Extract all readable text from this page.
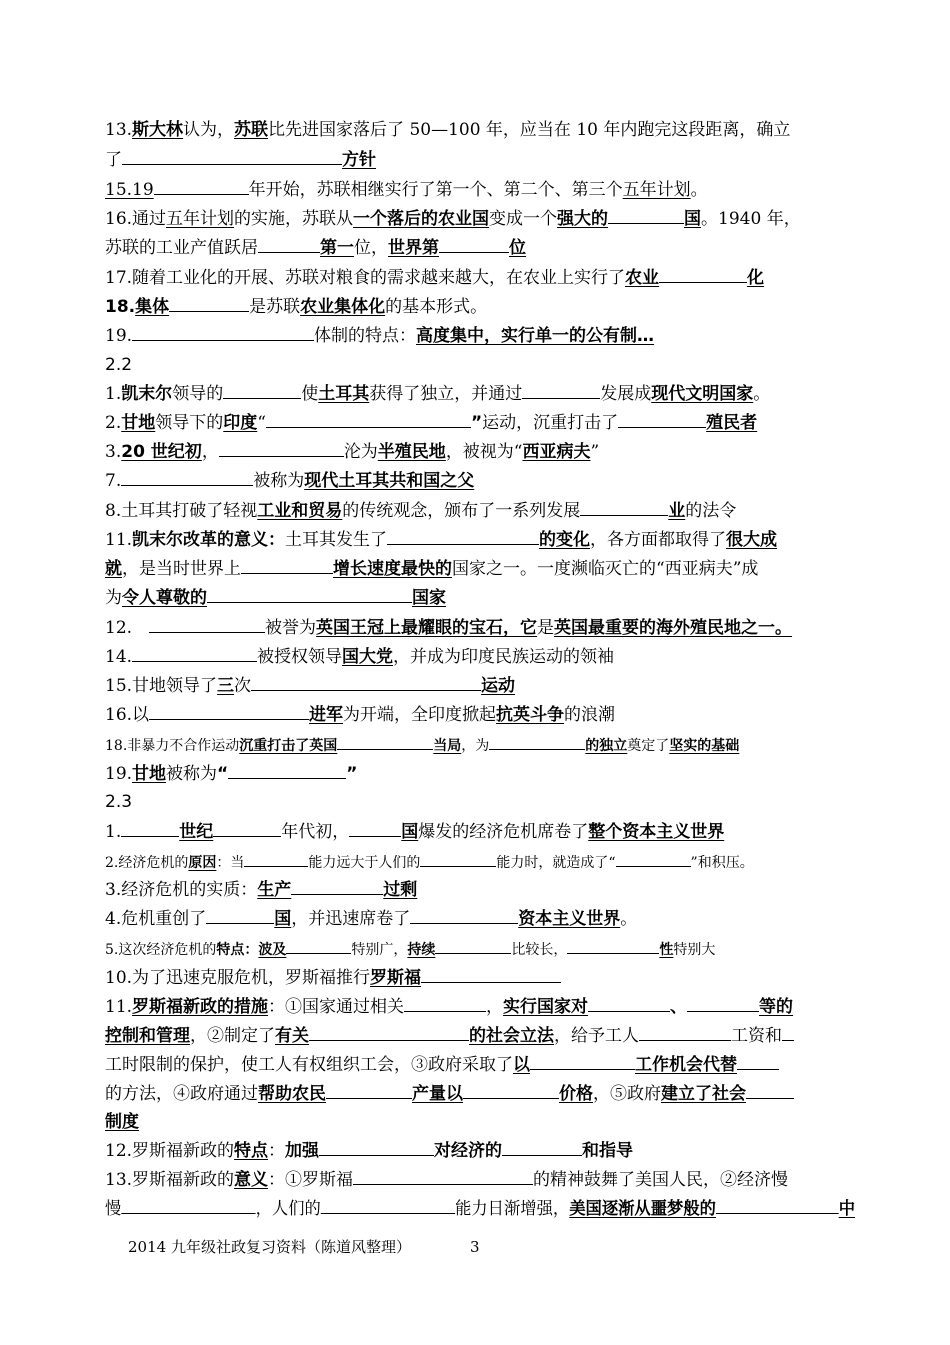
13.斯大林认为，苏联比先进国家落后了 50—100 年，应当在 10 年内跑完这段距离，确立
了	方针
15.19	年开始，苏联相继实行了第一个、第二个、第三个五年计划。
16.通过五年计划的实施，苏联从一个落后的农业国变成一个强大的	国。1940 年，
苏联的工业产值跃居	第一位，世界第	位
17.随着工业化的开展、苏联对粮食的需求越来越大，在农业上实行了农业	化
18.集体	是苏联农业集体化的基本形式。
19.	体制的特点：高度集中，实行单一的公有制…
2.2
1.凯末尔领导的	使土耳其获得了独立，并通过	发展成现代文明国家。
2.甘地领导下的印度“	”运动，沉重打击了	殖民者
3.20 世纪初，	沦为半殖民地，被视为“西亚病夫”
7.	被称为现代土耳其共和国之父
8.土耳其打破了轻视工业和贸易的传统观念，颁布了一系列发展	业的法令
11.凯末尔改革的意义：土耳其发生了	的变化，各方面都取得了很大成
就，是当时世界上	增长速度最快的国家之一。一度濒临灭亡的“西亚病夫”成
为令人尊敬的	国家
12.　	被誉为英国王冠上最耀眼的宝石，它是英国最重要的海外殖民地之一。
14.	被授权领导国大党，并成为印度民族运动的领袖
15.甘地领导了三次	运动
16.以	进军为开端，全印度掀起抗英斗争的浪潮
18.非暴力不合作运动沉重打击了英国	当局，为	的独立奠定了坚实的基础
19.甘地被称为“	”
2.3
1.	世纪	年代初，	国爆发的经济危机席卷了整个资本主义世界
2.经济危机的原因：当	能力远大于人们的	能力时，就造成了“	”和积压。
3.经济危机的实质：生产	过剩
4.危机重创了	国，并迅速席卷了	资本主义世界。
5.这次经济危机的特点：波及	特别广，持续	比较长，	性特别大
10.为了迅速克服危机，罗斯福推行罗斯福
11.罗斯福新政的措施：①国家通过相关	，实行国家对	、	等的
控制和管理，②制定了有关	的社会立法，给予工人	工资和
工时限制的保护，使工人有权组织工会，③政府采取了以	工作机会代替
的方法，④政府通过帮助农民	产量以	价格，⑤政府建立了社会
制度
12.罗斯福新政的特点：加强	对经济的	和指导
13.罗斯福新政的意义：①罗斯福	的精神鼓舞了美国人民，②经济慢
慢	，人们的	能力日渐增强，美国逐渐从噩梦般的	中
2014 九年级社政复习资料（陈道风整理）	3
